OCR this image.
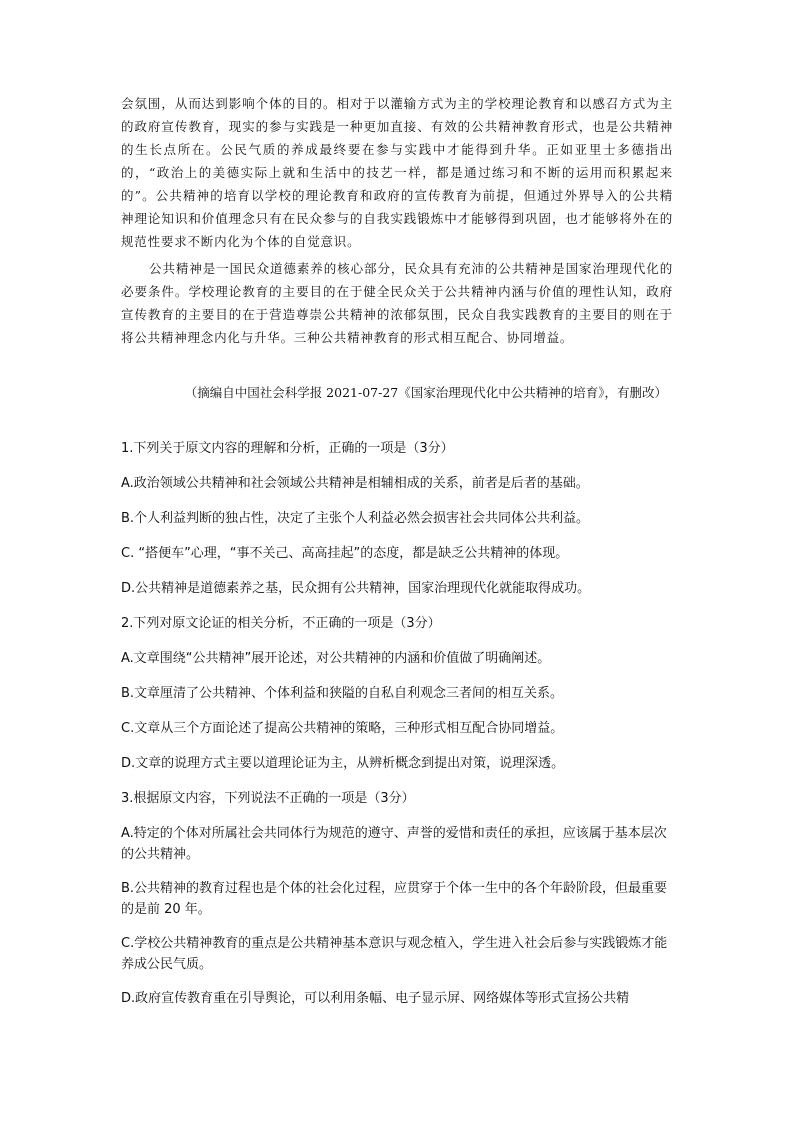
会氛围，从而达到影响个体的目的。相对于以灌输方式为主的学校理论教育和以感召方式为主的政府宣传教育，现实的参与实践是一种更加直接、有效的公共精神教育形式，也是公共精神的生长点所在。公民气质的养成最终要在参与实践中才能得到升华。正如亚里士多德指出的，“政治上的美德实际上就和生活中的技艺一样，都是通过练习和不断的运用而积累起来的”。公共精神的培育以学校的理论教育和政府的宣传教育为前提，但通过外界导入的公共精神理论知识和价值理念只有在民众参与的自我实践锻炼中才能够得到巩固，也才能够将外在的规范性要求不断内化为个体的自觉意识。

公共精神是一国民众道德素养的核心部分，民众具有充沛的公共精神是国家治理现代化的必要条件。学校理论教育的主要目的在于健全民众关于公共精神内涵与价值的理性认知，政府宣传教育的主要目的在于营造尊崇公共精神的浓郁氛围，民众自我实践教育的主要目的则在于将公共精神理念内化与升华。三种公共精神教育的形式相互配合、协同增益。

（摘编自中国社会科学报 2021-07-27《国家治理现代化中公共精神的培育》，有删改）

1.下列关于原文内容的理解和分析，正确的一项是（3分）

A.政治领域公共精神和社会领域公共精神是相辅相成的关系，前者是后者的基础。

B.个人利益判断的独占性，决定了主张个人利益必然会损害社会共同体公共利益。

C. “搭便车”心理，“事不关己、高高挂起”的态度，都是缺乏公共精神的体现。

D.公共精神是道德素养之基，民众拥有公共精神，国家治理现代化就能取得成功。

2.下列对原文论证的相关分析，不正确的一项是（3分）

A.文章围绕“公共精神”展开论述，对公共精神的内涵和价值做了明确阐述。

B.文章厘清了公共精神、个体利益和狭隘的自私自利观念三者间的相互关系。

C.文章从三个方面论述了提高公共精神的策略，三种形式相互配合协同增益。

D.文章的说理方式主要以道理论证为主，从辨析概念到提出对策，说理深透。

3.根据原文内容，下列说法不正确的一项是（3分）

A.特定的个体对所属社会共同体行为规范的遵守、声誉的爱惜和责任的承担，应该属于基本层次的公共精神。

B.公共精神的教育过程也是个体的社会化过程，应贯穿于个体一生中的各个年龄阶段，但最重要的是前 20 年。

C.学校公共精神教育的重点是公共精神基本意识与观念植入，学生进入社会后参与实践锻炼才能养成公民气质。

D.政府宣传教育重在引导舆论，可以利用条幅、电子显示屏、网络媒体等形式宣扬公共精
